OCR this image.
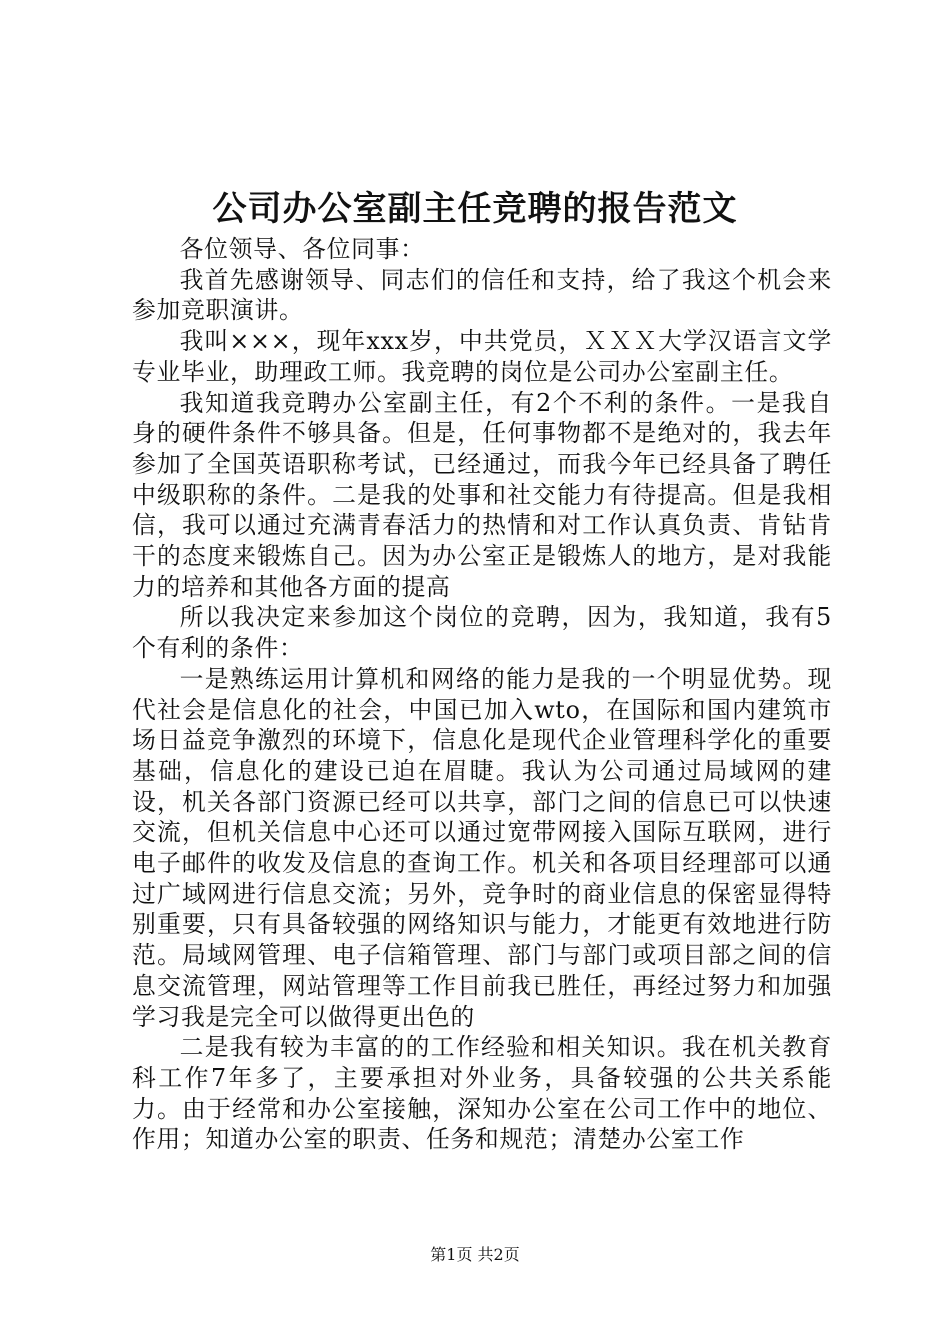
公司办公室副主任竞聘的报告范文

各位领导、各位同事：

我首先感谢领导、同志们的信任和支持，给了我这个机会来参加竞职演讲。

我叫×××，现年xxx岁，中共党员，ＸＸＸ大学汉语言文学专业毕业，助理政工师。我竞聘的岗位是公司办公室副主任。

我知道我竞聘办公室副主任，有2个不利的条件。一是我自身的硬件条件不够具备。但是，任何事物都不是绝对的，我去年参加了全国英语职称考试，已经通过，而我今年已经具备了聘任中级职称的条件。二是我的处事和社交能力有待提高。但是我相信，我可以通过充满青春活力的热情和对工作认真负责、肯钻肯干的态度来锻炼自己。因为办公室正是锻炼人的地方，是对我能力的培养和其他各方面的提高

所以我决定来参加这个岗位的竞聘，因为，我知道，我有5个有利的条件：

一是熟练运用计算机和网络的能力是我的一个明显优势。现代社会是信息化的社会，中国已加入wto，在国际和国内建筑市场日益竞争激烈的环境下，信息化是现代企业管理科学化的重要基础，信息化的建设已迫在眉睫。我认为公司通过局域网的建设，机关各部门资源已经可以共享，部门之间的信息已可以快速交流，但机关信息中心还可以通过宽带网接入国际互联网，进行电子邮件的收发及信息的查询工作。机关和各项目经理部可以通过广域网进行信息交流；另外，竞争时的商业信息的保密显得特别重要，只有具备较强的网络知识与能力，才能更有效地进行防范。局域网管理、电子信箱管理、部门与部门或项目部之间的信息交流管理，网站管理等工作目前我已胜任，再经过努力和加强学习我是完全可以做得更出色的

二是我有较为丰富的的工作经验和相关知识。我在机关教育科工作7年多了，主要承担对外业务，具备较强的公共关系能力。由于经常和办公室接触，深知办公室在公司工作中的地位、作用；知道办公室的职责、任务和规范；清楚办公室工作

第1页 共2页
